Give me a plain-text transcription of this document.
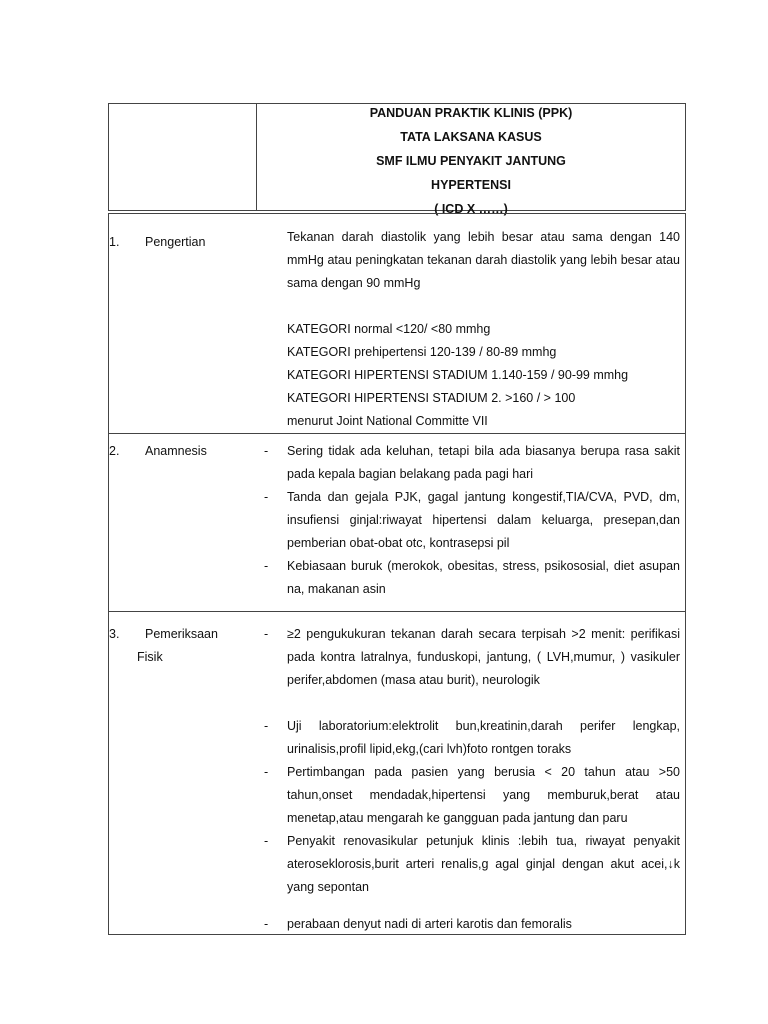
PANDUAN PRAKTIK KLINIS (PPK)
TATA LAKSANA KASUS
SMF ILMU PENYAKIT JANTUNG
HYPERTENSI
( ICD X ……)
1. Pengertian	Tekanan darah diastolik yang lebih besar atau sama dengan 140 mmHg atau peningkatan tekanan darah diastolik yang lebih besar atau sama dengan 90 mmHg
KATEGORI normal <120/ <80 mmhg
KATEGORI prehipertensi 120-139 / 80-89 mmhg
KATEGORI HIPERTENSI STADIUM 1.140-159 / 90-99 mmhg
KATEGORI HIPERTENSI STADIUM 2. >160 / > 100
menurut Joint National Committe VII
2. Anamnesis	- Sering tidak ada keluhan, tetapi bila ada biasanya berupa rasa sakit pada kepala bagian belakang pada pagi hari
- Tanda dan gejala PJK, gagal jantung kongestif,TIA/CVA, PVD, dm, insufiensi ginjal:riwayat hipertensi dalam keluarga, presepan,dan pemberian obat-obat otc, kontrasepsi pil
- Kebiasaan buruk (merokok, obesitas, stress, psikososial, diet asupan na, makanan asin
3. Pemeriksaan
Fisik
- ≥2 pengukukuran tekanan darah secara terpisah >2 menit: perifikasi pada kontra latralnya, funduskopi, jantung, ( LVH,mumur, ) vasikuler perifer,abdomen (masa atau burit), neurologik
- Uji laboratorium:elektrolit bun,kreatinin,darah perifer lengkap, urinalisis,profil lipid,ekg,(cari lvh)foto rontgen toraks
- Pertimbangan pada pasien yang berusia < 20 tahun atau >50 tahun,onset mendadak,hipertensi yang memburuk,berat atau menetap,atau mengarah ke gangguan pada jantung dan paru
- Penyakit renovasikular petunjuk klinis :lebih tua, riwayat penyakit ateroseklorosis,burit arteri renalis,g agal ginjal dengan akut acei,↓k yang sepontan
- perabaan denyut nadi di arteri karotis dan femoralis
